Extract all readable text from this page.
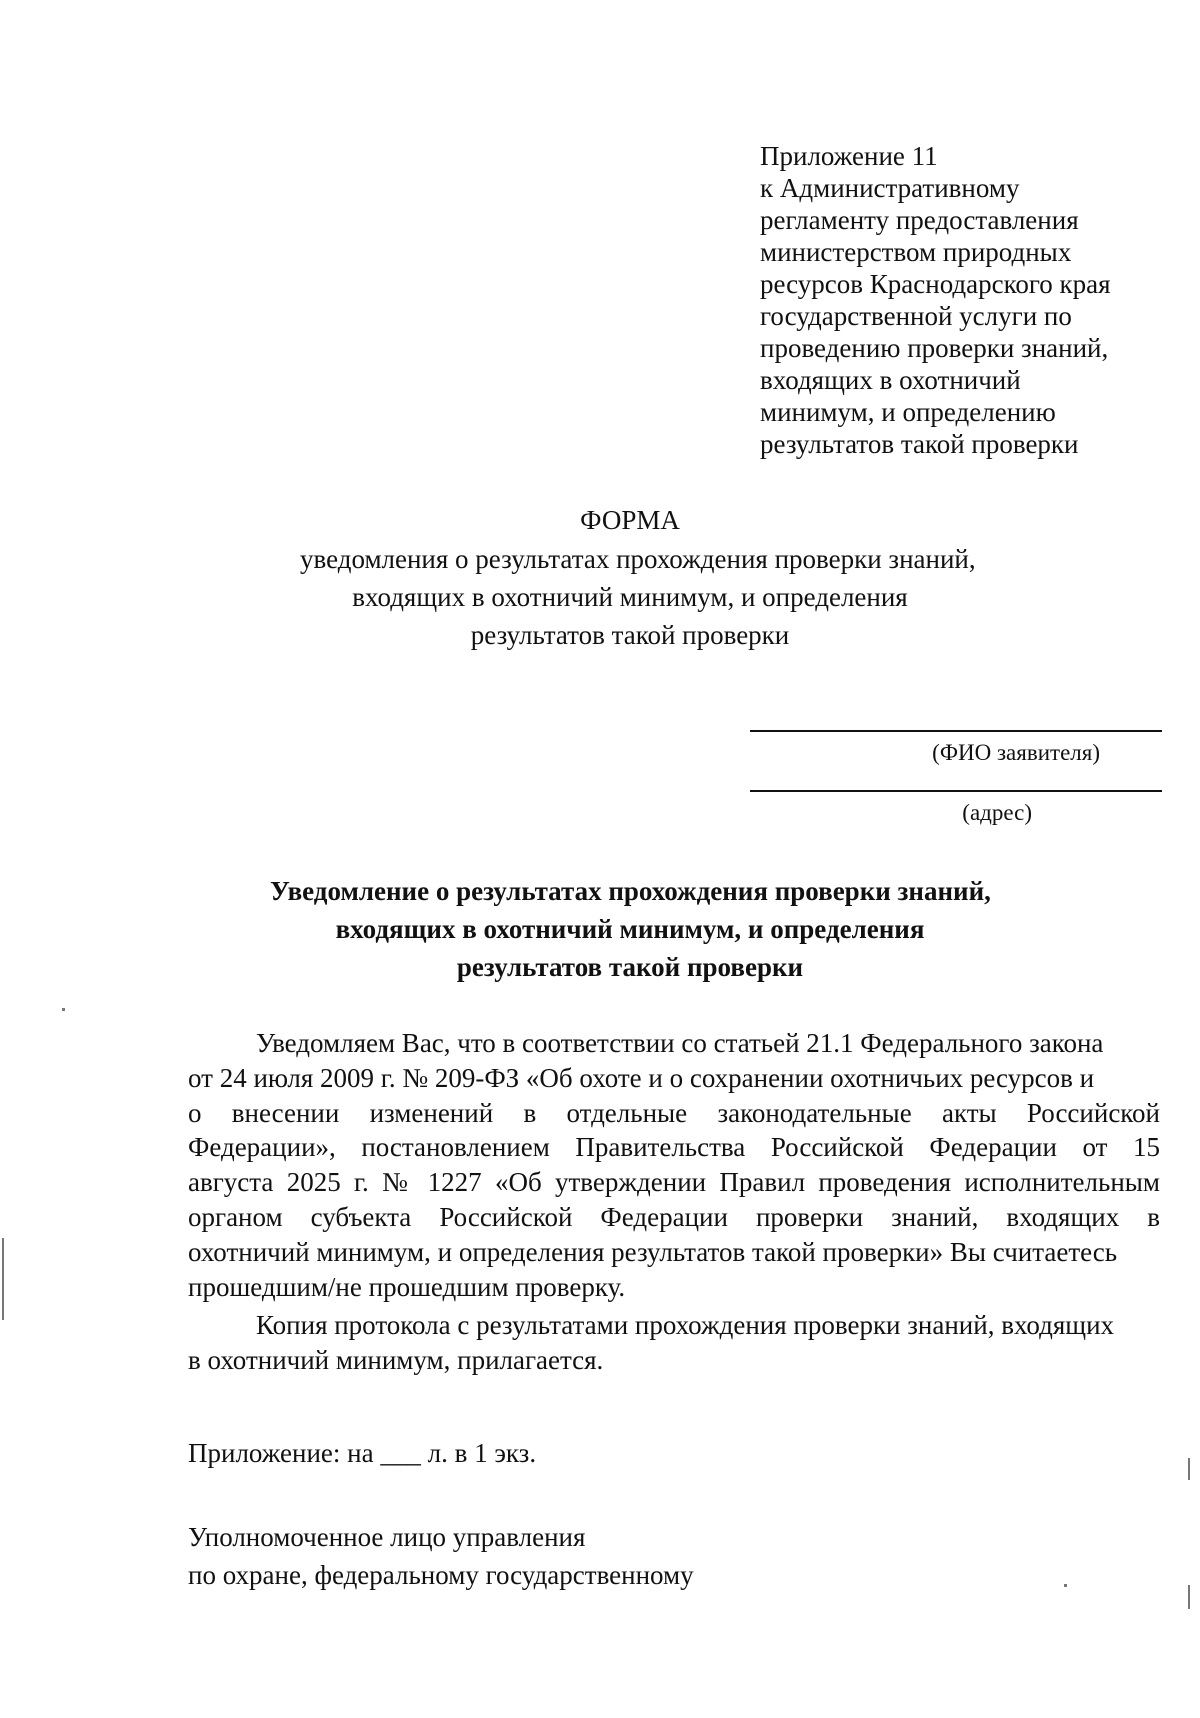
Приложение 11
к Административному
регламенту предоставления
министерством природных
ресурсов Краснодарского края
государственной услуги по
проведению проверки знаний,
входящих в охотничий
минимум, и определению
результатов такой проверки
ФОРМА
уведомления о результатах прохождения проверки знаний,
входящих в охотничий минимум, и определения
результатов такой проверки
(ФИО заявителя)
(адрес)
Уведомление о результатах прохождения проверки знаний,
входящих в охотничий минимум, и определения
результатов такой проверки
Уведомляем Вас, что в соответствии со статьей 21.1 Федерального закона
от 24 июля 2009 г. № 209-ФЗ «Об охоте и о сохранении охотничьих ресурсов и
о внесении изменений в отдельные законодательные акты Российской
Федерации», постановлением Правительства Российской Федерации от 15
августа 2025 г. № 1227 «Об утверждении Правил проведения исполнительным
органом субъекта Российской Федерации проверки знаний, входящих в
охотничий минимум, и определения результатов такой проверки» Вы считаетесь
прошедшим/не прошедшим проверку.
Копия протокола с результатами прохождения проверки знаний, входящих
в охотничий минимум, прилагается.
Приложение: на ___ л. в 1 экз.
Уполномоченное лицо управления
по охране, федеральному государственному
